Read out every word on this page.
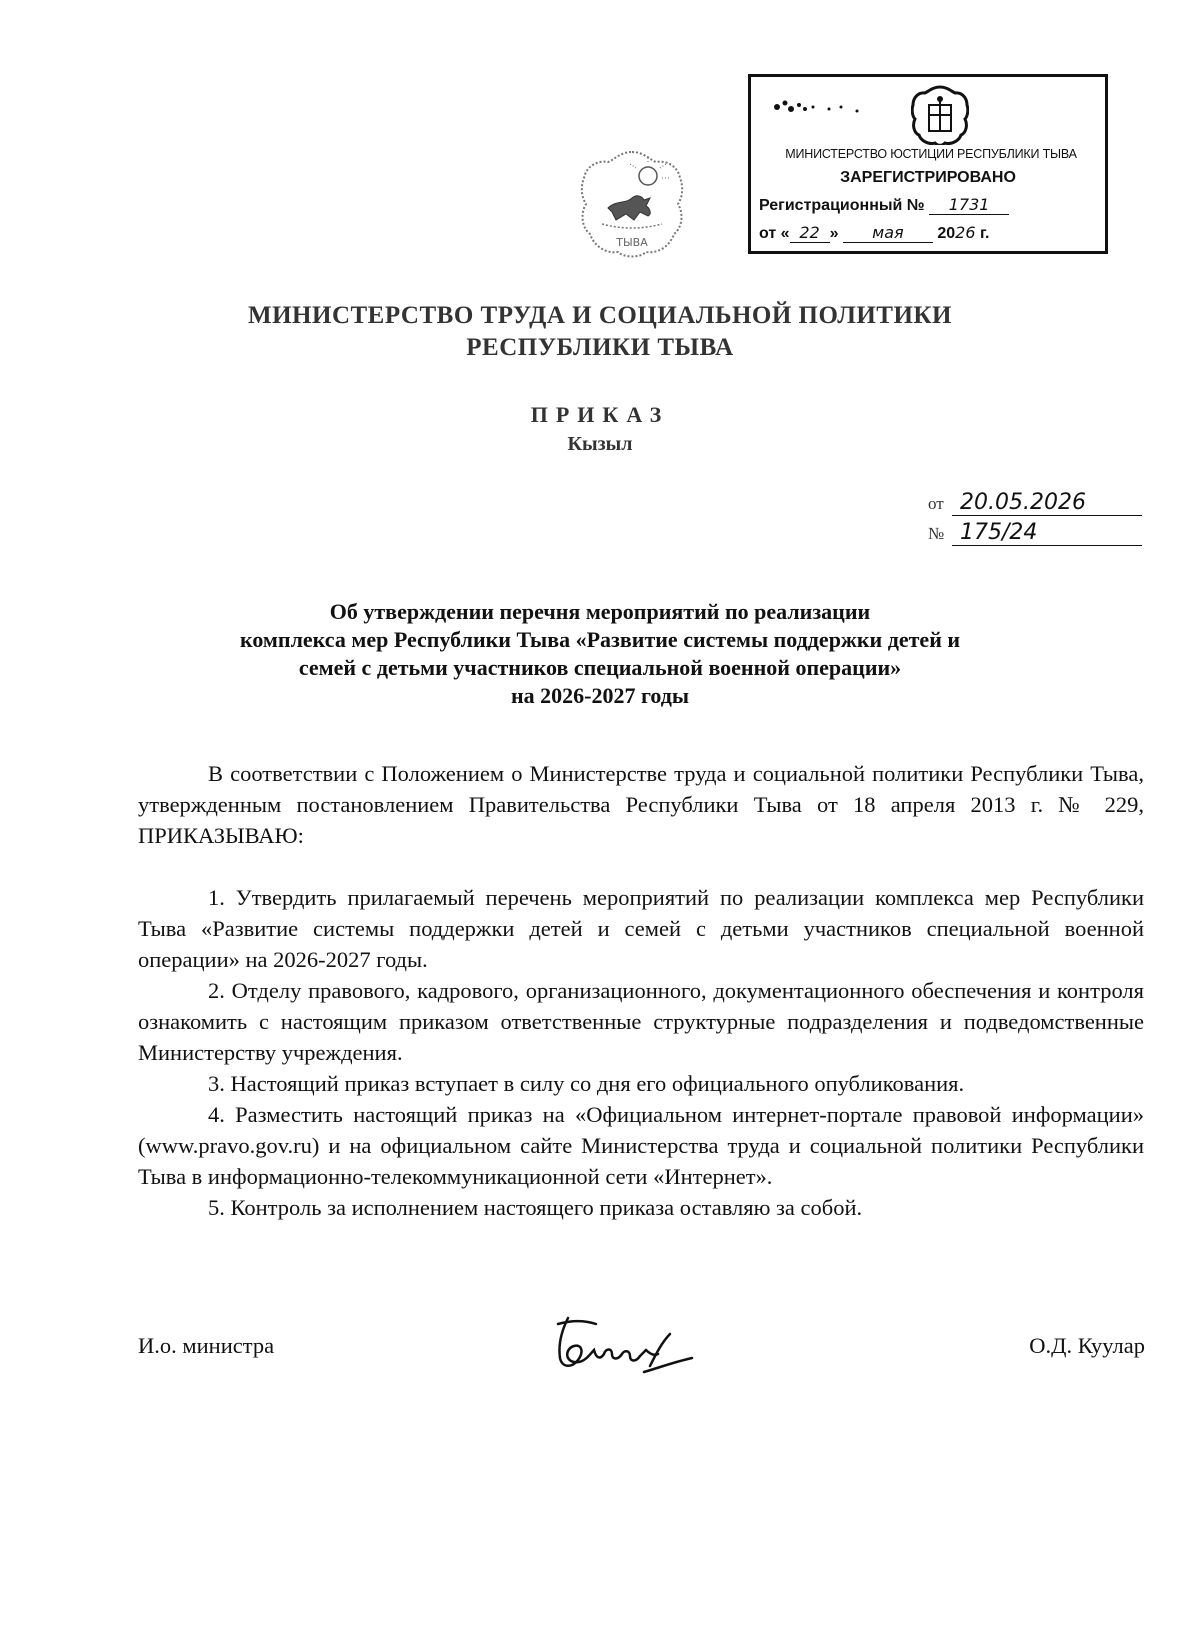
ТЫВА
МИНИСТЕРСТВО ЮСТИЦИИ РЕСПУБЛИКИ ТЫВА
ЗАРЕГИСТРИРОВАНО
Регистрационный № 1731
от « 22 » мая 2026 г.
МИНИСТЕРСТВО ТРУДА И СОЦИАЛЬНОЙ ПОЛИТИКИ
РЕСПУБЛИКИ ТЫВА
ПРИКАЗ
Кызыл
от 20.05.2026
№ 175/24
Об утверждении перечня мероприятий по реализации
комплекса мер Республики Тыва «Развитие системы поддержки детей и
семей с детьми участников специальной военной операции»
на 2026-2027 годы

В соответствии с Положением о Министерстве труда и социальной политики Республики Тыва, утвержденным постановлением Правительства Республики Тыва от 18 апреля 2013 г. № 229, ПРИКАЗЫВАЮ:

1. Утвердить прилагаемый перечень мероприятий по реализации комплекса мер Республики Тыва «Развитие системы поддержки детей и семей с детьми участников специальной военной операции» на 2026-2027 годы.

2. Отделу правового, кадрового, организационного, документационного обеспечения и контроля ознакомить с настоящим приказом ответственные структурные подразделения и подведомственные Министерству учреждения.

3. Настоящий приказ вступает в силу со дня его официального опубликования.

4. Разместить настоящий приказ на «Официальном интернет-портале правовой информации» (www.pravo.gov.ru) и на официальном сайте Министерства труда и социальной политики Республики Тыва в информационно-телекоммуникационной сети «Интернет».

5. Контроль за исполнением настоящего приказа оставляю за собой.

И.о. министра	О.Д. Куулар
